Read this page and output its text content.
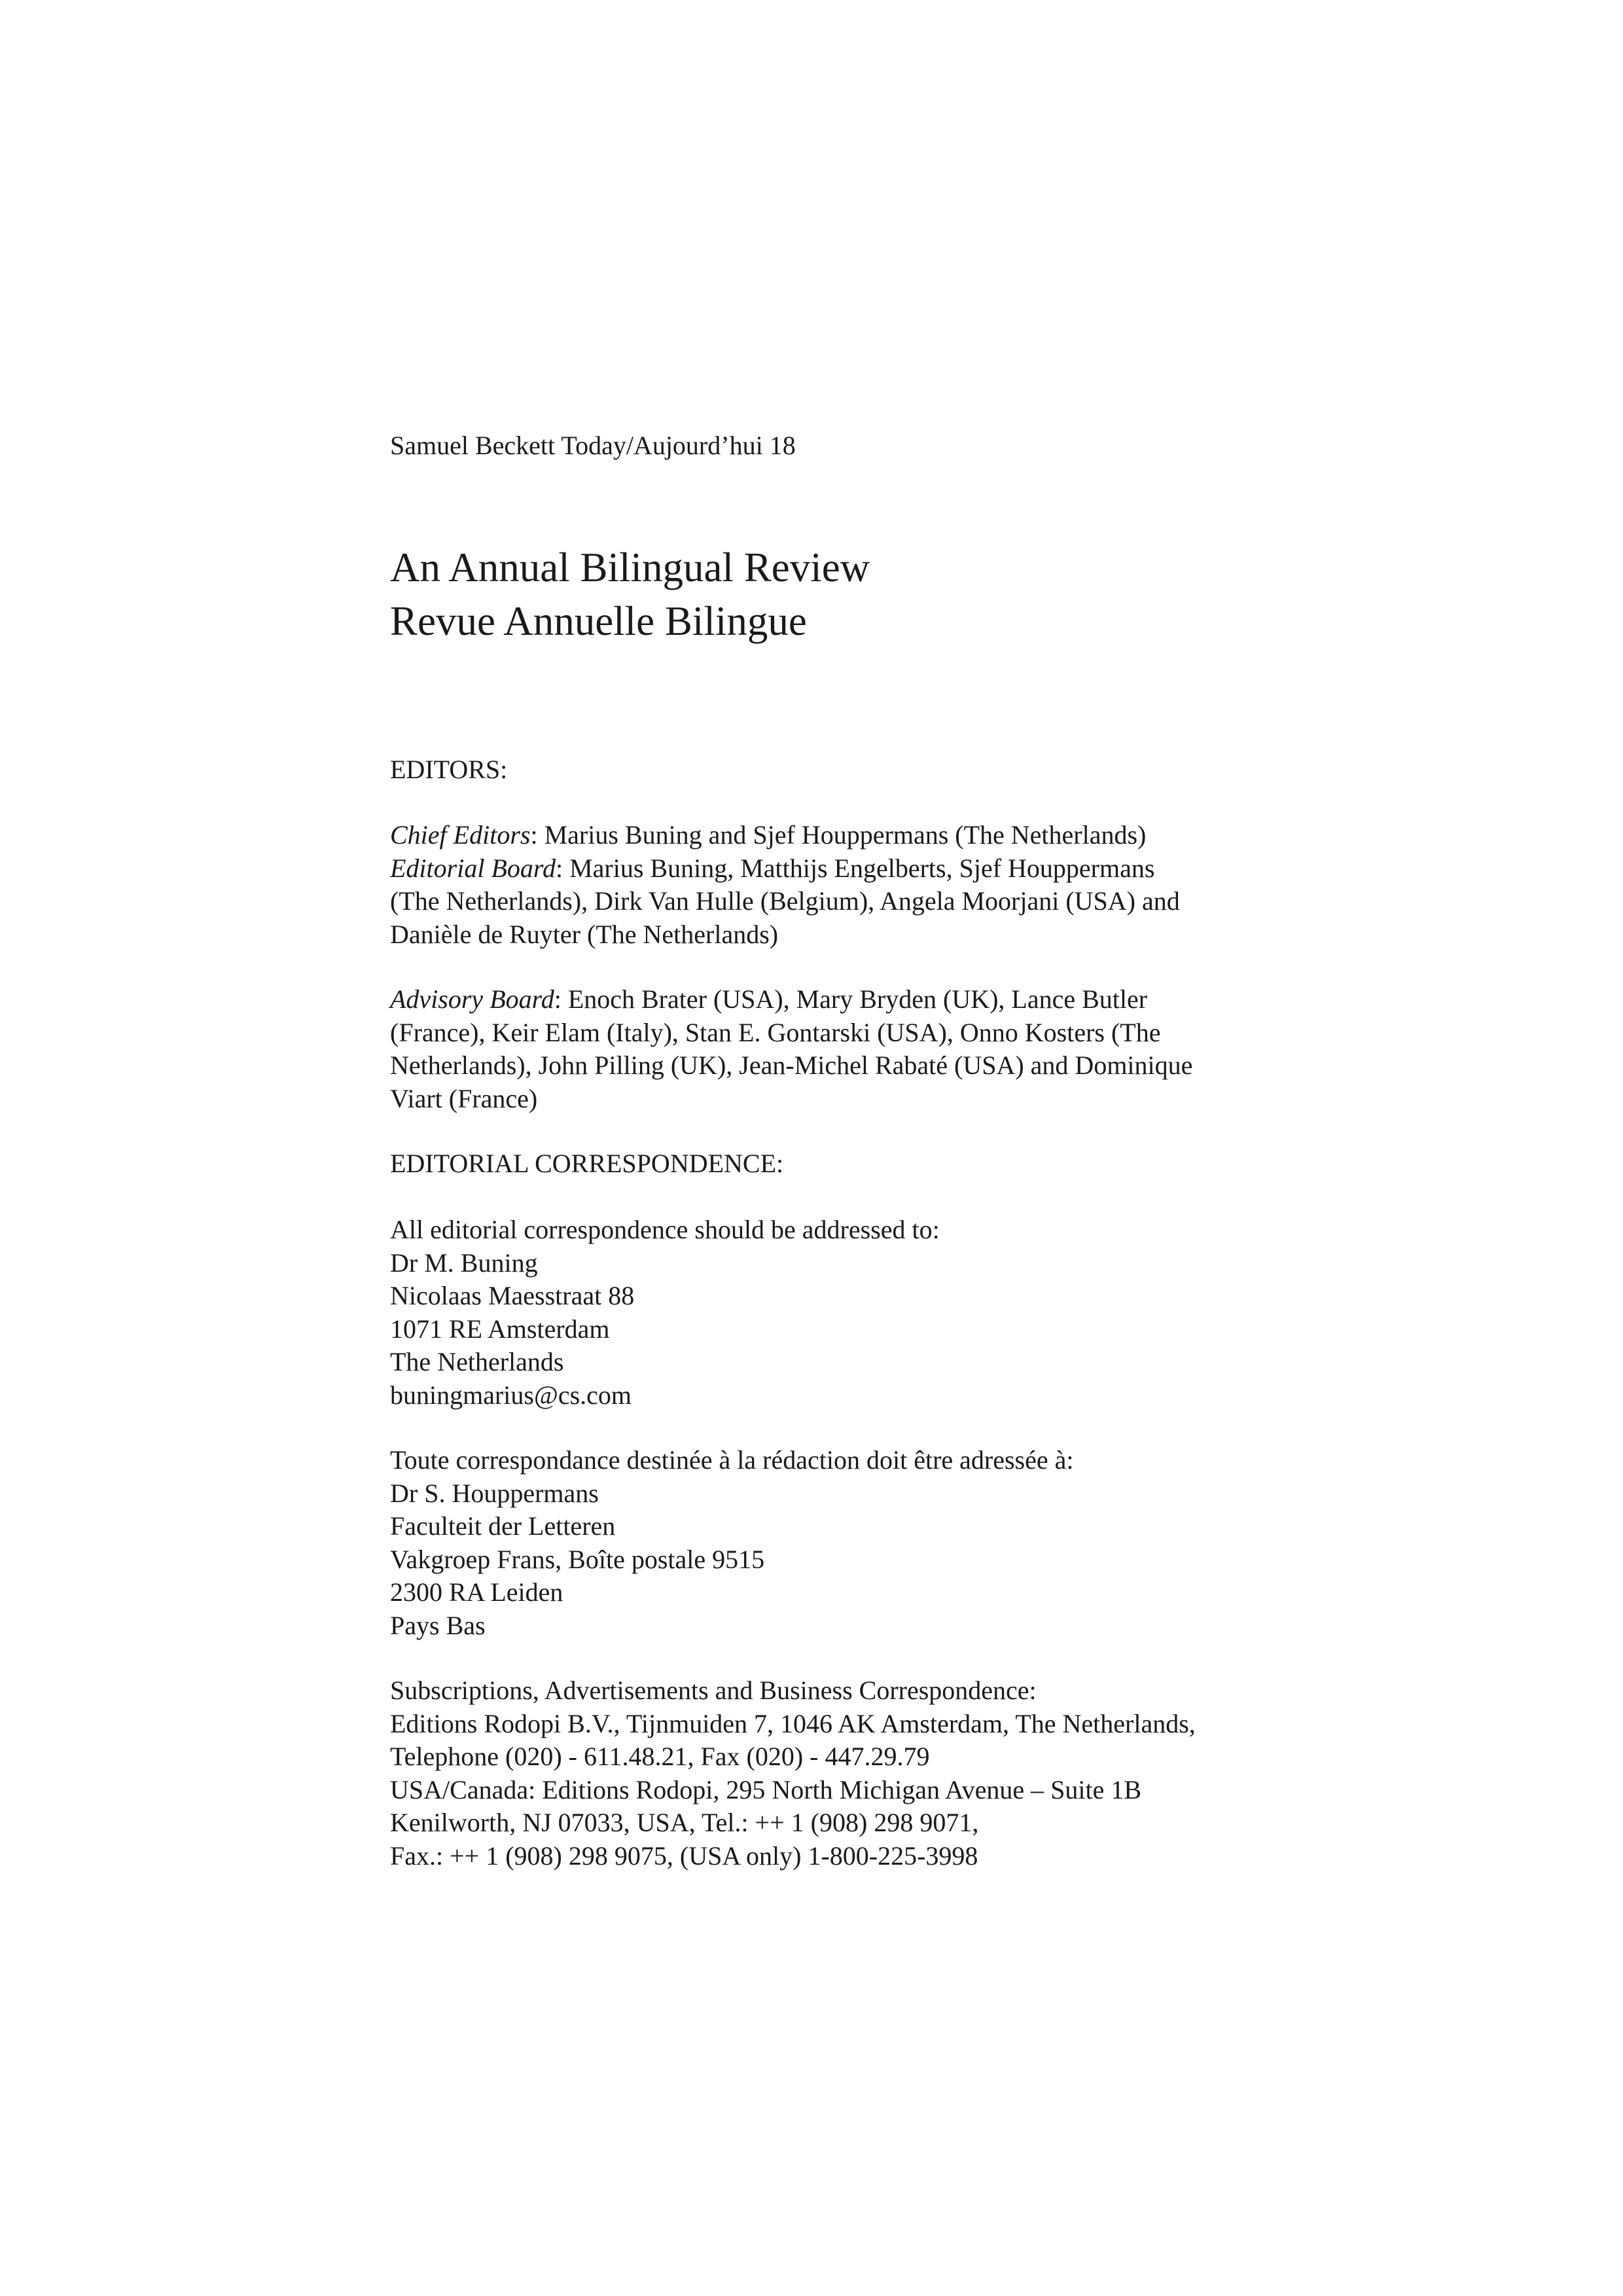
Samuel Beckett Today/Aujourd’hui 18
An Annual Bilingual Review
Revue Annuelle Bilingue
EDITORS:
Chief Editors: Marius Buning and Sjef Houppermans (The Netherlands)
Editorial Board: Marius Buning, Matthijs Engelberts, Sjef Houppermans
(The Netherlands), Dirk Van Hulle (Belgium), Angela Moorjani (USA) and
Danièle de Ruyter (The Netherlands)
Advisory Board: Enoch Brater (USA), Mary Bryden (UK), Lance Butler
(France), Keir Elam (Italy), Stan E. Gontarski (USA), Onno Kosters (The
Netherlands), John Pilling (UK), Jean-Michel Rabaté (USA) and Dominique
Viart (France)
EDITORIAL CORRESPONDENCE:
All editorial correspondence should be addressed to:
Dr M. Buning
Nicolaas Maesstraat 88
1071 RE Amsterdam
The Netherlands
buningmarius@cs.com
Toute correspondance destinée à la rédaction doit être adressée à:
Dr S. Houppermans
Faculteit der Letteren
Vakgroep Frans, Boîte postale 9515
2300 RA Leiden
Pays Bas
Subscriptions, Advertisements and Business Correspondence:
Editions Rodopi B.V., Tijnmuiden 7, 1046 AK Amsterdam, The Netherlands,
Telephone (020) - 611.48.21, Fax (020) - 447.29.79
USA/Canada: Editions Rodopi, 295 North Michigan Avenue – Suite 1B
Kenilworth, NJ 07033, USA, Tel.: ++ 1 (908) 298 9071,
Fax.: ++ 1 (908) 298 9075, (USA only) 1-800-225-3998
